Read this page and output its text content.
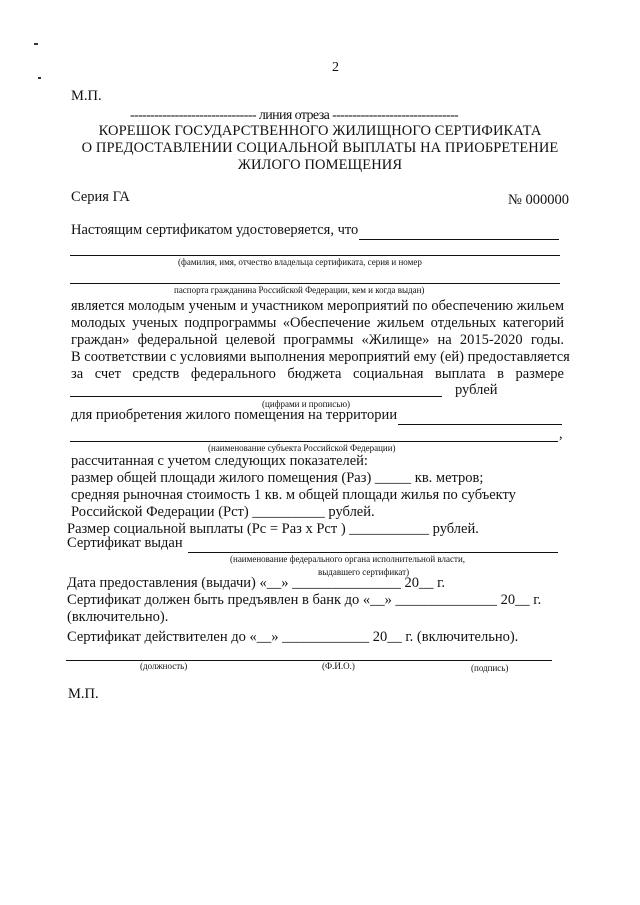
2
М.П.
------------------------------- линия отреза -------------------------------
КОРЕШОК ГОСУДАРСТВЕННОГО ЖИЛИЩНОГО СЕРТИФИКАТА
О ПРЕДОСТАВЛЕНИИ СОЦИАЛЬНОЙ ВЫПЛАТЫ НА ПРИОБРЕТЕНИЕ
ЖИЛОГО ПОМЕЩЕНИЯ
Серия ГА	№ 000000
Настоящим сертификатом удостоверяется, что
(фамилия, имя, отчество владельца сертификата, серия и номер
паспорта гражданина Российской Федерации, кем и когда выдан)
является молодым ученым и участником мероприятий по обеспечению жильем
молодых ученых подпрограммы «Обеспечение жильем отдельных категорий
граждан» федеральной целевой программы «Жилище» на 2015-2020 годы.
В соответствии с условиями выполнения мероприятий ему (ей) предоставляется
за счет средств федерального бюджета социальная выплата в размере
рублей
(цифрами и прописью)
для приобретения жилого помещения на территории
,
(наименование субъекта Российской Федерации)
рассчитанная с учетом следующих показателей:
размер общей площади жилого помещения (Раз) _____ кв. метров;
средняя рыночная стоимость 1 кв. м общей площади жилья по субъекту
Российской Федерации (Рст) __________ рублей.
Размер социальной выплаты (Рс = Раз х Рст ) ___________ рублей.
Сертификат выдан
(наименование федерального органа исполнительной власти,
выдавшего сертификат)
Дата предоставления (выдачи) «__» _______________ 20__ г.
Сертификат должен быть предъявлен в банк до «__» ______________ 20__ г.
(включительно).
Сертификат действителен до «__» ____________ 20__ г. (включительно).
(должность)	(Ф.И.О.)	(подпись)
М.П.
